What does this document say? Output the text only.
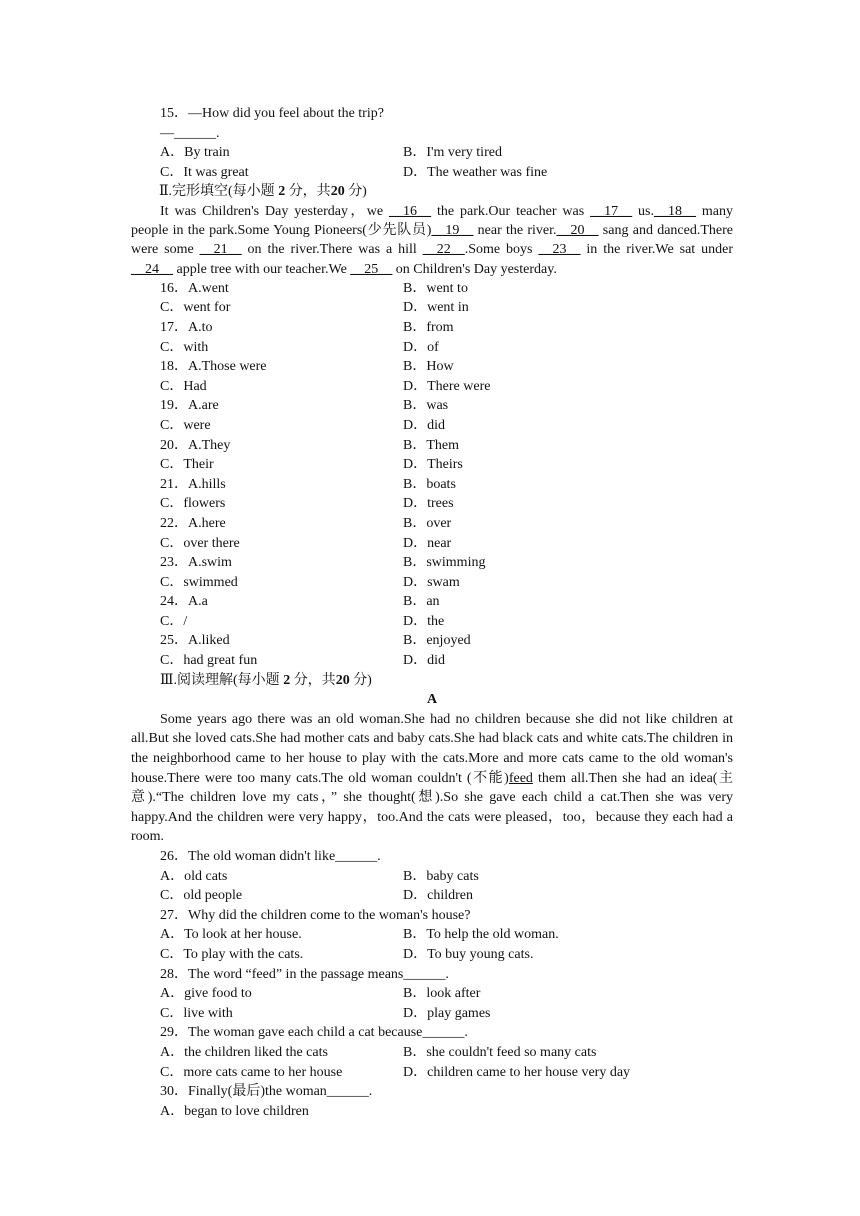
15．—How did you feel about the trip?
—______.
A．By train	B．I'm very tired
C．It was great	D．The weather was fine
Ⅱ.完形填空(每小题 2 分，共20 分)

It was Children's Day yesterday，we __16__ the park.Our teacher was __17__ us.__18__ many people in the park.Some Young Pioneers(少先队员)__19__ near the river.__20__ sang and danced.There were some __21__ on the river.There was a hill __22__.Some boys __23__ in the river.We sat under __24__ apple tree with our teacher.We __25__ on Children's Day yesterday.

16．A.went	B．went to
C．went for	D．went in
17．A.to	B．from
C．with	D．of
18．A.Those were	B．How
C．Had	D．There were
19．A.are	B．was
C．were	D．did
20．A.They	B．Them
C．Their	D．Theirs
21．A.hills	B．boats
C．flowers	D．trees
22．A.here	B．over
C．over there	D．near
23．A.swim	B．swimming
C．swimmed	D．swam
24．A.a	B．an
C．/	D．the
25．A.liked	B．enjoyed
C．had great fun	D．did
Ⅲ.阅读理解(每小题 2 分，共20 分)
A

Some years ago there was an old woman.She had no children because she did not like children at all.But she loved cats.She had mother cats and baby cats.She had black cats and white cats.The children in the neighborhood came to her house to play with the cats.More and more cats came to the old woman's house.There were too many cats.The old woman couldn't (不能)feed them all.Then she had an idea(主意).“The children love my cats，” she thought(想).So she gave each child a cat.Then she was very happy.And the children were very happy，too.And the cats were pleased，too，because they each had a room.

26．The old woman didn't like______.
A．old cats	B．baby cats
C．old people	D．children
27．Why did the children come to the woman's house?
A．To look at her house.	B．To help the old woman.
C．To play with the cats.	D．To buy young cats.
28．The word “feed” in the passage means______.
A．give food to	B．look after
C．live with	D．play games
29．The woman gave each child a cat because______.
A．the children liked the cats	B．she couldn't feed so many cats
C．more cats came to her house	D．children came to her house very day
30．Finally(最后)the woman______.
A．began to love children
